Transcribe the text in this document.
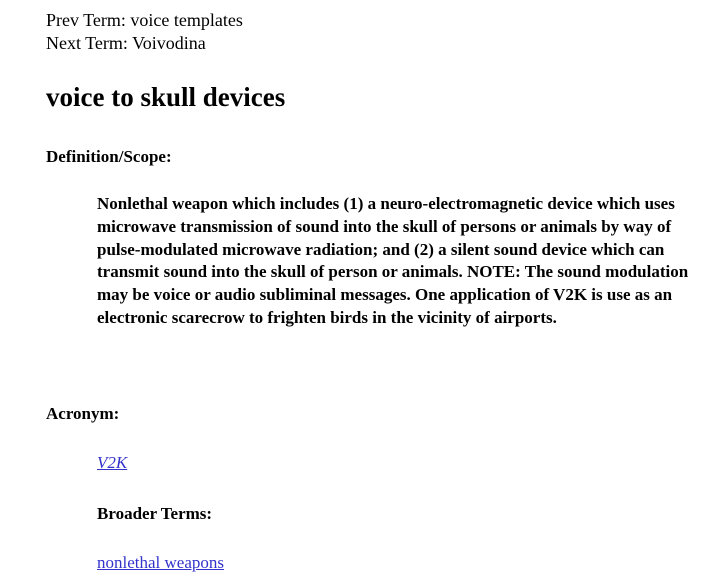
Prev Term: voice templates
Next Term: Voivodina
voice to skull devices
Definition/Scope:

Nonlethal weapon which includes (1) a neuro-electromagnetic device which uses microwave transmission of sound into the skull of persons or animals by way of pulse-modulated microwave radiation; and (2) a silent sound device which can transmit sound into the skull of person or animals. NOTE: The sound modulation may be voice or audio subliminal messages. One application of V2K is use as an electronic scarecrow to frighten birds in the vicinity of airports.

Acronym:
V2K
Broader Terms:
nonlethal weapons
